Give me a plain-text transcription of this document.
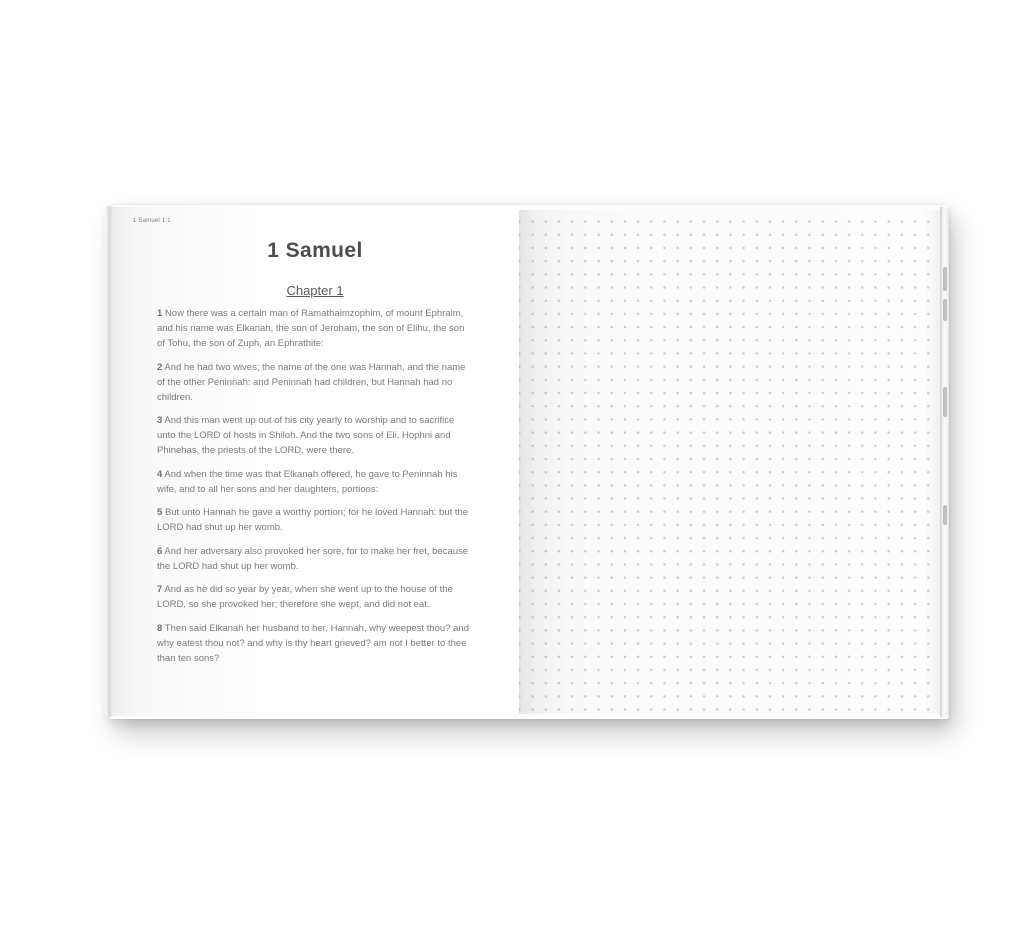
1 Samuel 1:1
1 Samuel
Chapter 1

1 Now there was a certain man of Ramathaimzophim, of mount Ephraim, and his name was Elkanah, the son of Jeroham, the son of Elihu, the son of Tohu, the son of Zuph, an Ephrathite:

2 And he had two wives; the name of the one was Hannah, and the name of the other Peninnah: and Peninnah had children, but Hannah had no children.

3 And this man went up out of his city yearly to worship and to sacrifice unto the LORD of hosts in Shiloh. And the two sons of Eli, Hophni and Phinehas, the priests of the LORD, were there.

4 And when the time was that Elkanah offered, he gave to Peninnah his wife, and to all her sons and her daughters, portions:

5 But unto Hannah he gave a worthy portion; for he loved Hannah: but the LORD had shut up her womb.

6 And her adversary also provoked her sore, for to make her fret, because the LORD had shut up her womb.

7 And as he did so year by year, when she went up to the house of the LORD, so she provoked her; therefore she wept, and did not eat.

8 Then said Elkanah her husband to her, Hannah, why weepest thou? and why eatest thou not? and why is thy heart grieved? am not I better to thee than ten sons?
